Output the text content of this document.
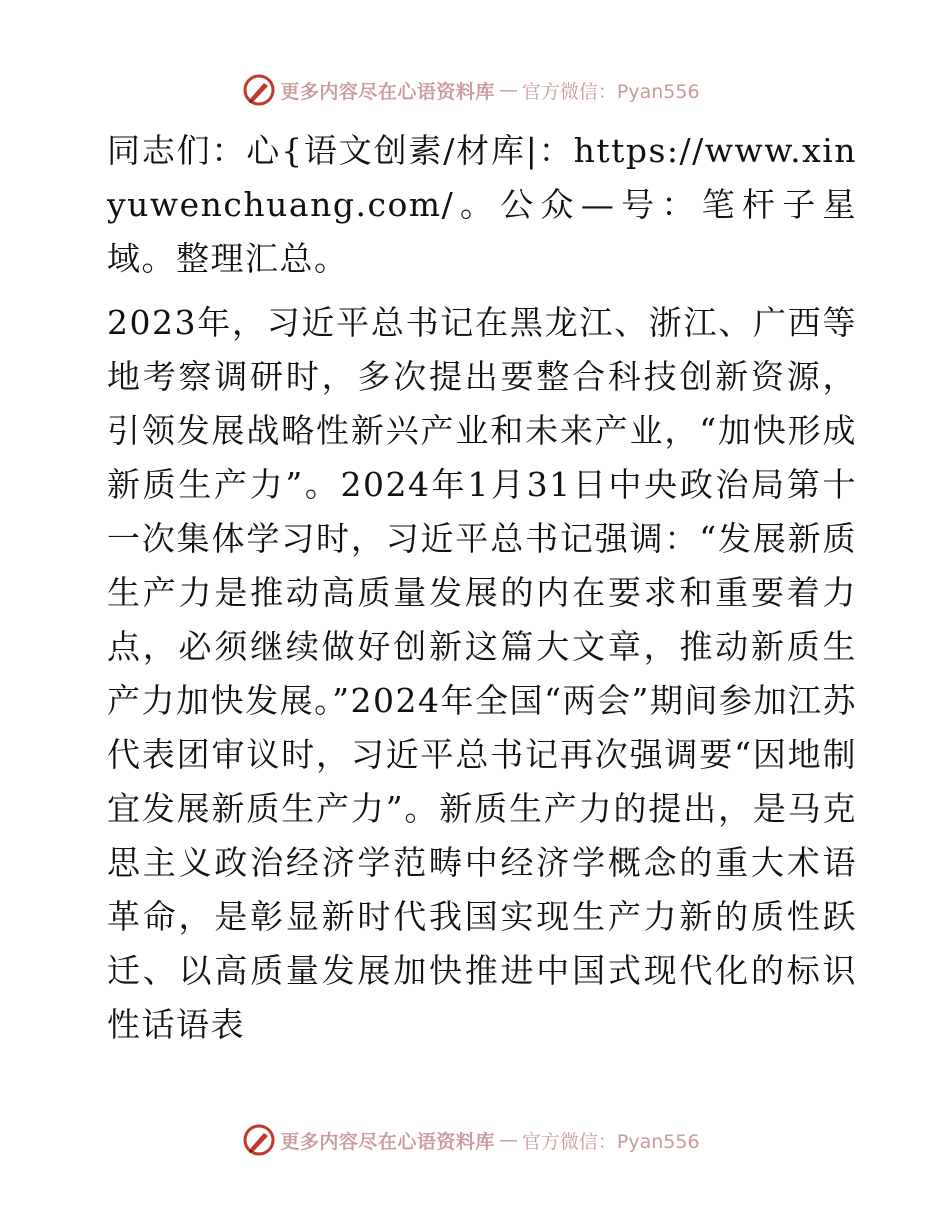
更多内容尽在心语资料库 — 官方微信：Pyan556

同志们：心{语文创素/材库|：https://www.xinyuwenchuang.com/。公众—号：笔杆子星域。整理汇总。

2023年，习近平总书记在黑龙江、浙江、广西等地考察调研时，多次提出要整合科技创新资源，引领发展战略性新兴产业和未来产业，“加快形成新质生产力”。2024年1月31日中央政治局第十一次集体学习时，习近平总书记强调：“发展新质生产力是推动高质量发展的内在要求和重要着力点，必须继续做好创新这篇大文章，推动新质生产力加快发展。”2024年全国“两会”期间参加江苏代表团审议时，习近平总书记再次强调要“因地制宜发展新质生产力”。新质生产力的提出，是马克思主义政治经济学范畴中经济学概念的重大术语革命，是彰显新时代我国实现生产力新的质性跃迁、以高质量发展加快推进中国式现代化的标识性话语表

更多内容尽在心语资料库 — 官方微信：Pyan556
